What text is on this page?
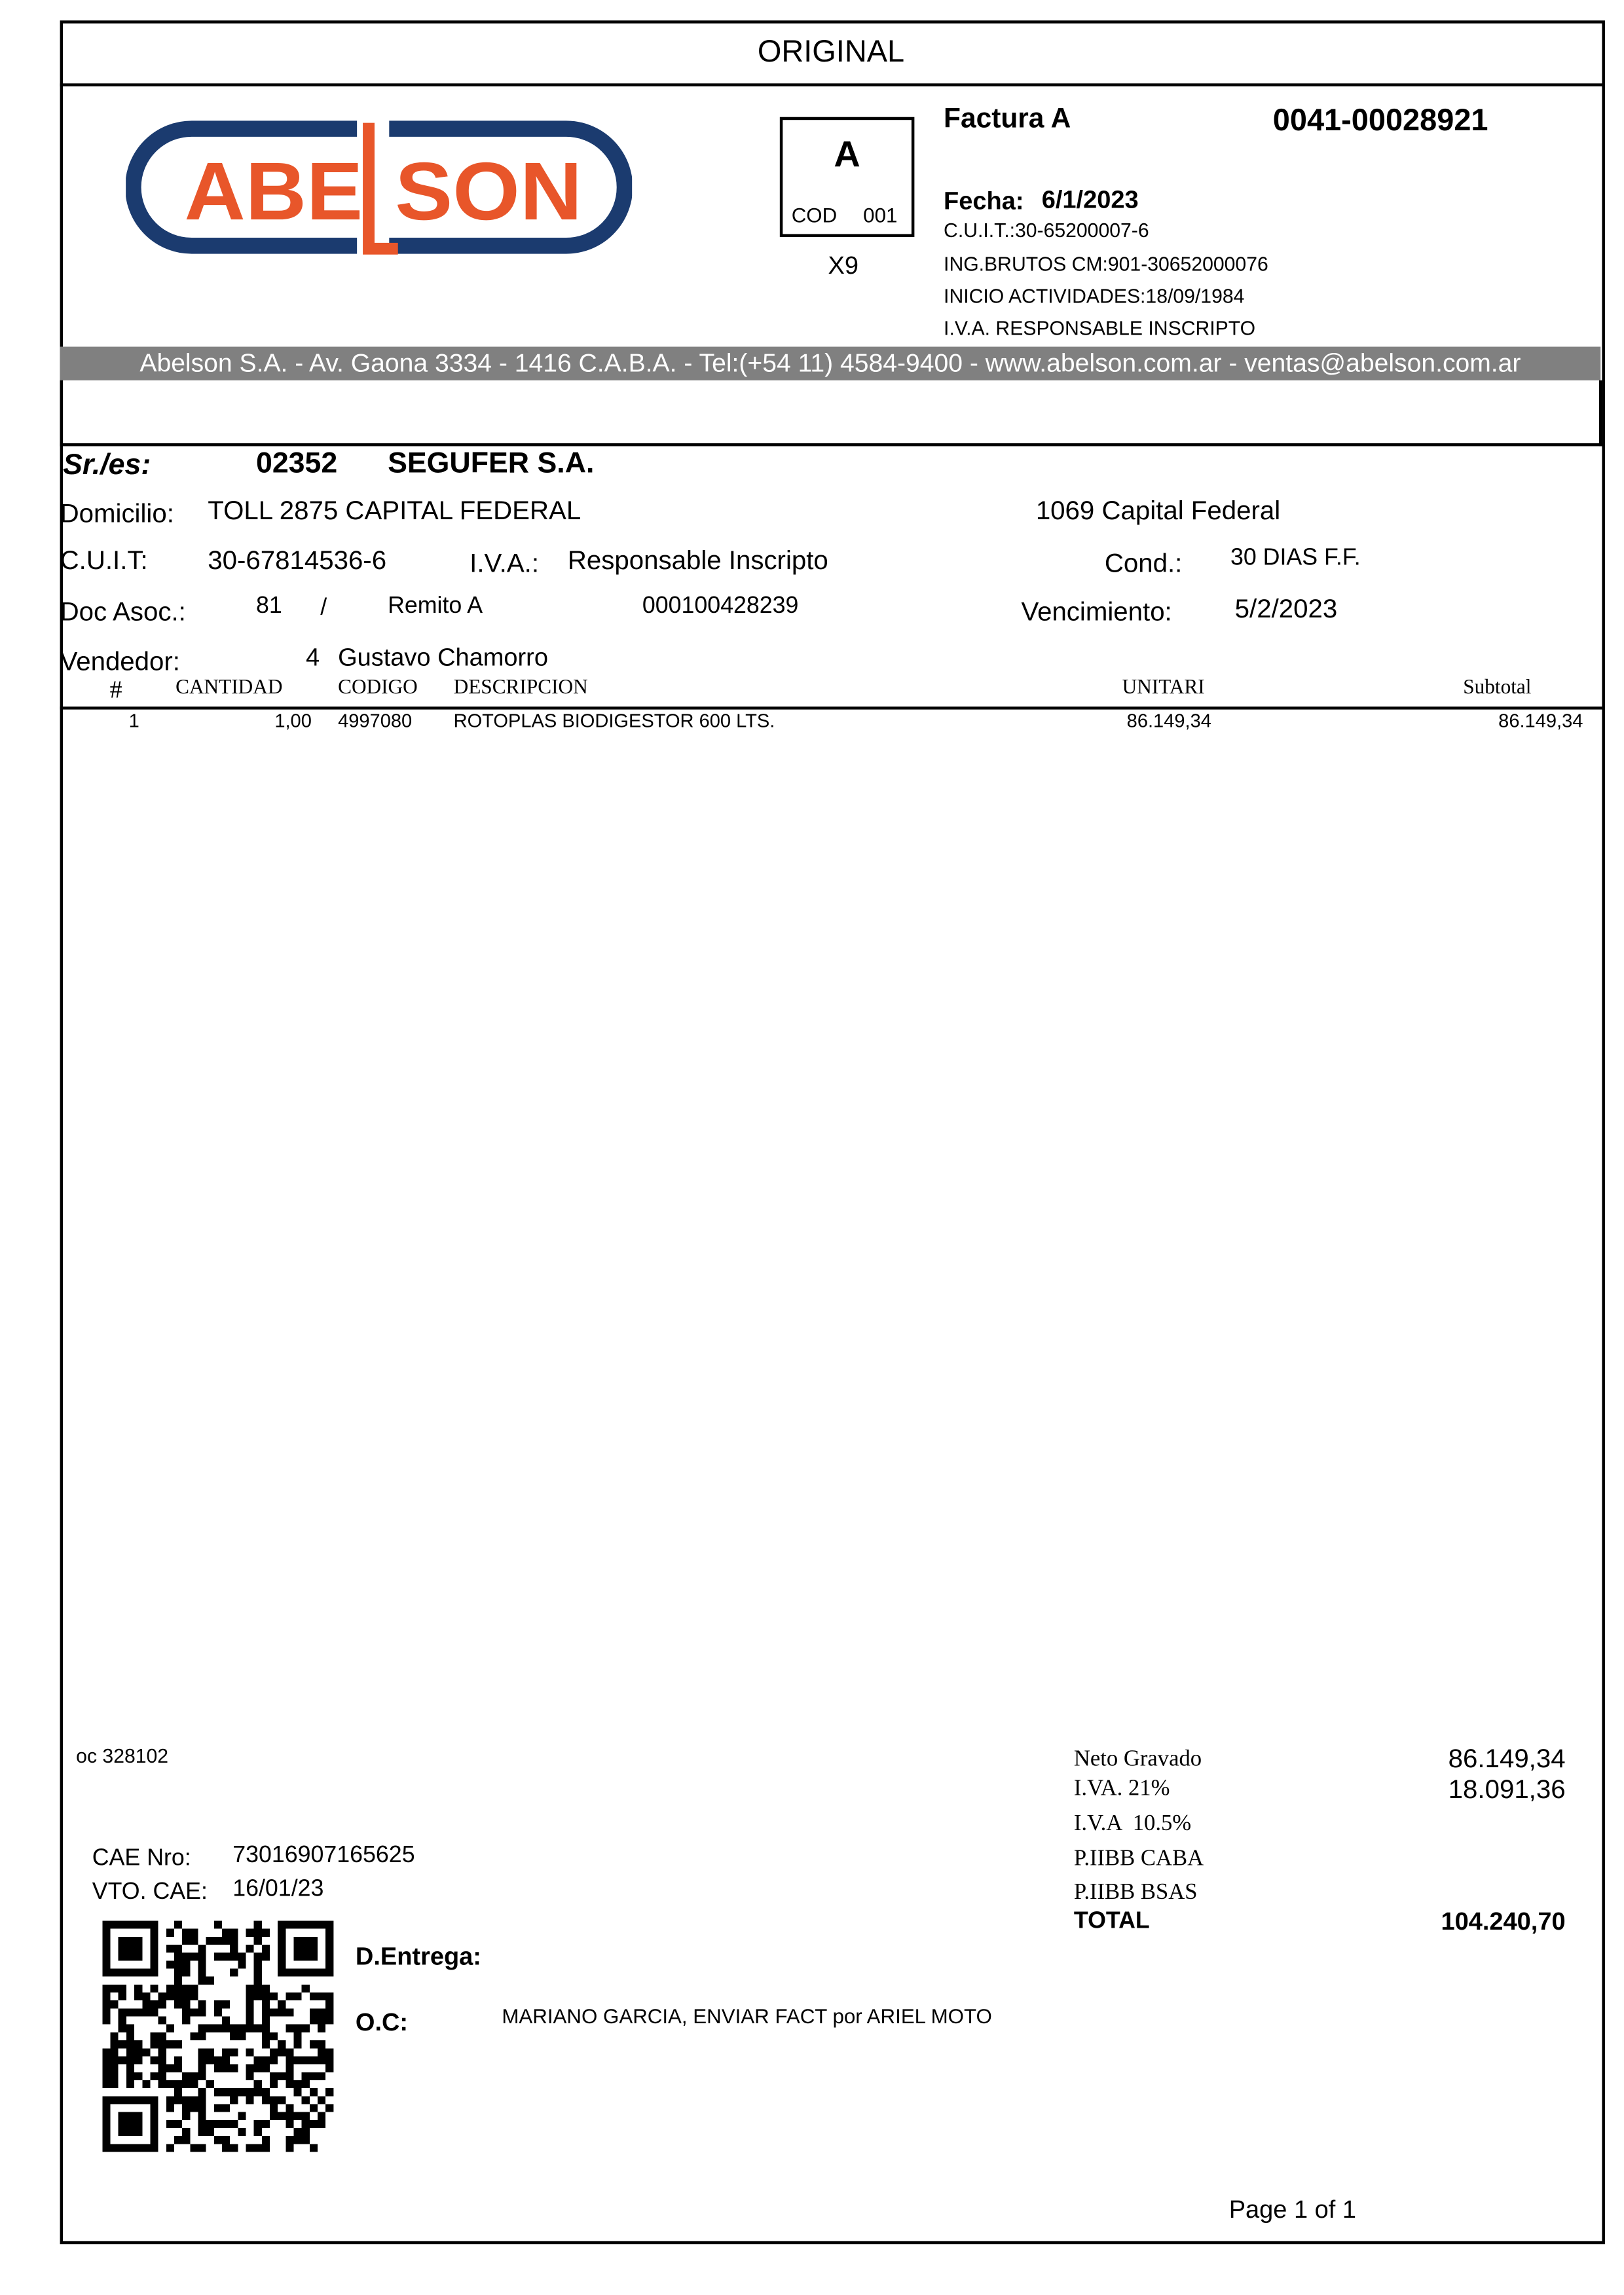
ORIGINAL
ABE SON	A
COD	001
X9
Factura A	0041-00028921
Fecha: 6/1/2023
C.U.I.T.:30-65200007-6
ING.BRUTOS CM:901-30652000076
INICIO ACTIVIDADES:18/09/1984
I.V.A. RESPONSABLE INSCRIPTO
Abelson S.A. - Av. Gaona 3334 - 1416 C.A.B.A. - Tel:(+54 11) 4584-9400 - www.abelson.com.ar - ventas@abelson.com.ar
Sr./es:	02352	SEGUFER S.A.
Domicilio:	TOLL 2875 CAPITAL FEDERAL	1069 Capital Federal
C.U.I.T:	30-67814536-6	I.V.A.: Responsable Inscripto	Cond.:	30 DIAS F.F.
Doc Asoc.:	81	/	Remito A	000100428239	Vencimiento:	5/2/2023
Vendedor:	4 Gustavo Chamorro
#	CANTIDAD	CODIGO	DESCRIPCION	UNITARI	Subtotal
1	1,00	4997080	ROTOPLAS BIODIGESTOR 600 LTS.	86.149,34	86.149,34
oc 328102	Neto Gravado	86.149,34
I.VA. 21%	18.091,36
I.V.A  10.5%
P.IIBB CABA
P.IIBB BSAS
TOTAL	104.240,70
CAE Nro:	73016907165625
VTO. CAE: 16/01/23
D.Entrega:
O.C:	MARIANO GARCIA, ENVIAR FACT por ARIEL MOTO
Page 1 of 1
